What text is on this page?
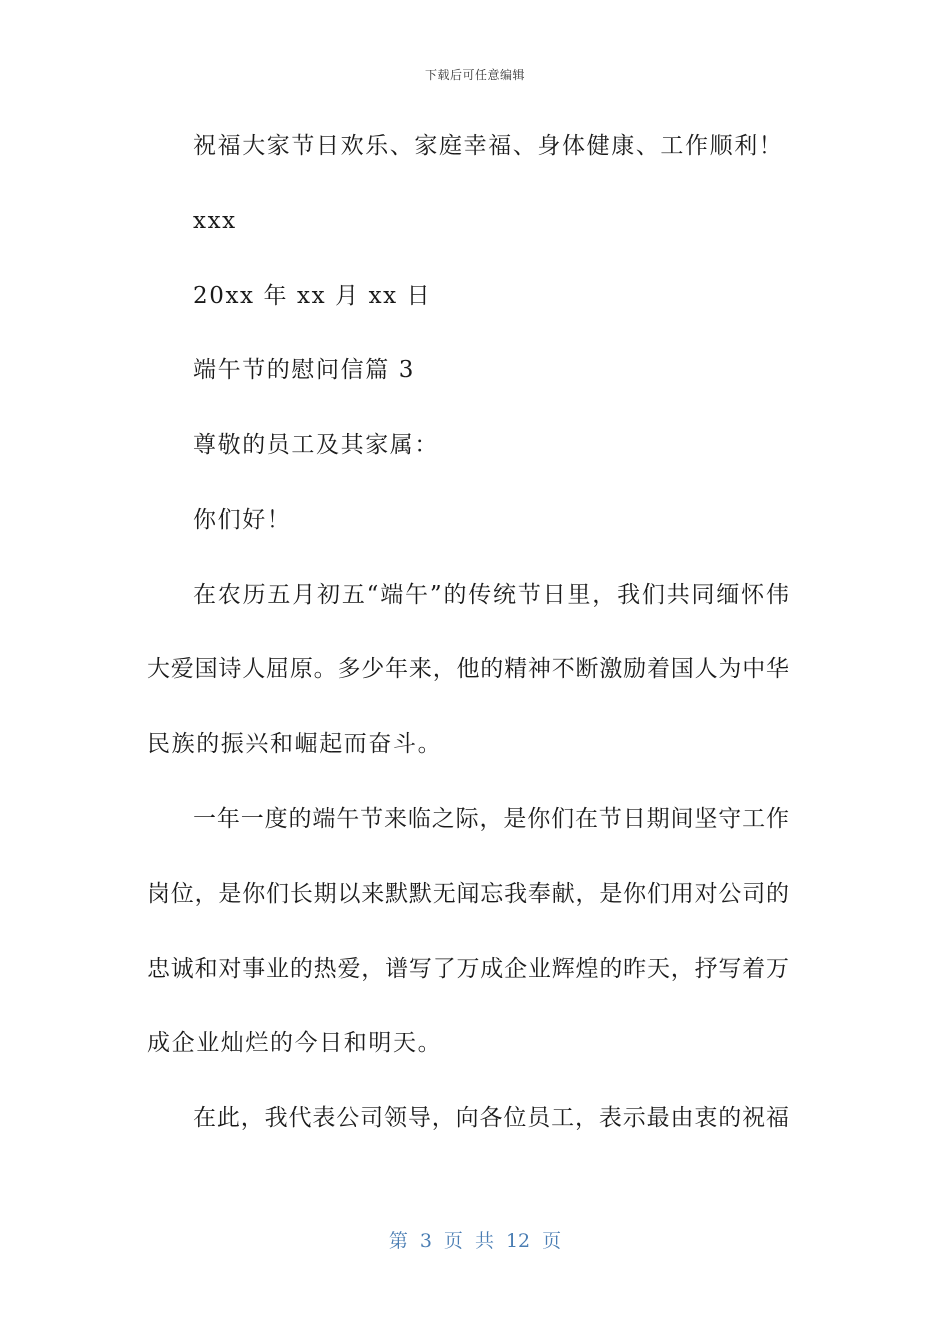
下载后可任意编辑
祝福大家节日欢乐、家庭幸福、身体健康、工作顺利！
xxx
20xx 年 xx 月 xx 日
端午节的慰问信篇 3
尊敬的员工及其家属：
你们好！
在农历五月初五“端午”的传统节日里，我们共同缅怀伟
大爱国诗人屈原。多少年来，他的精神不断激励着国人为中华
民族的振兴和崛起而奋斗。
一年一度的端午节来临之际，是你们在节日期间坚守工作
岗位，是你们长期以来默默无闻忘我奉献，是你们用对公司的
忠诚和对事业的热爱，谱写了万成企业辉煌的昨天，抒写着万
成企业灿烂的今日和明天。
在此，我代表公司领导，向各位员工，表示最由衷的祝福
第 3 页 共 12 页
